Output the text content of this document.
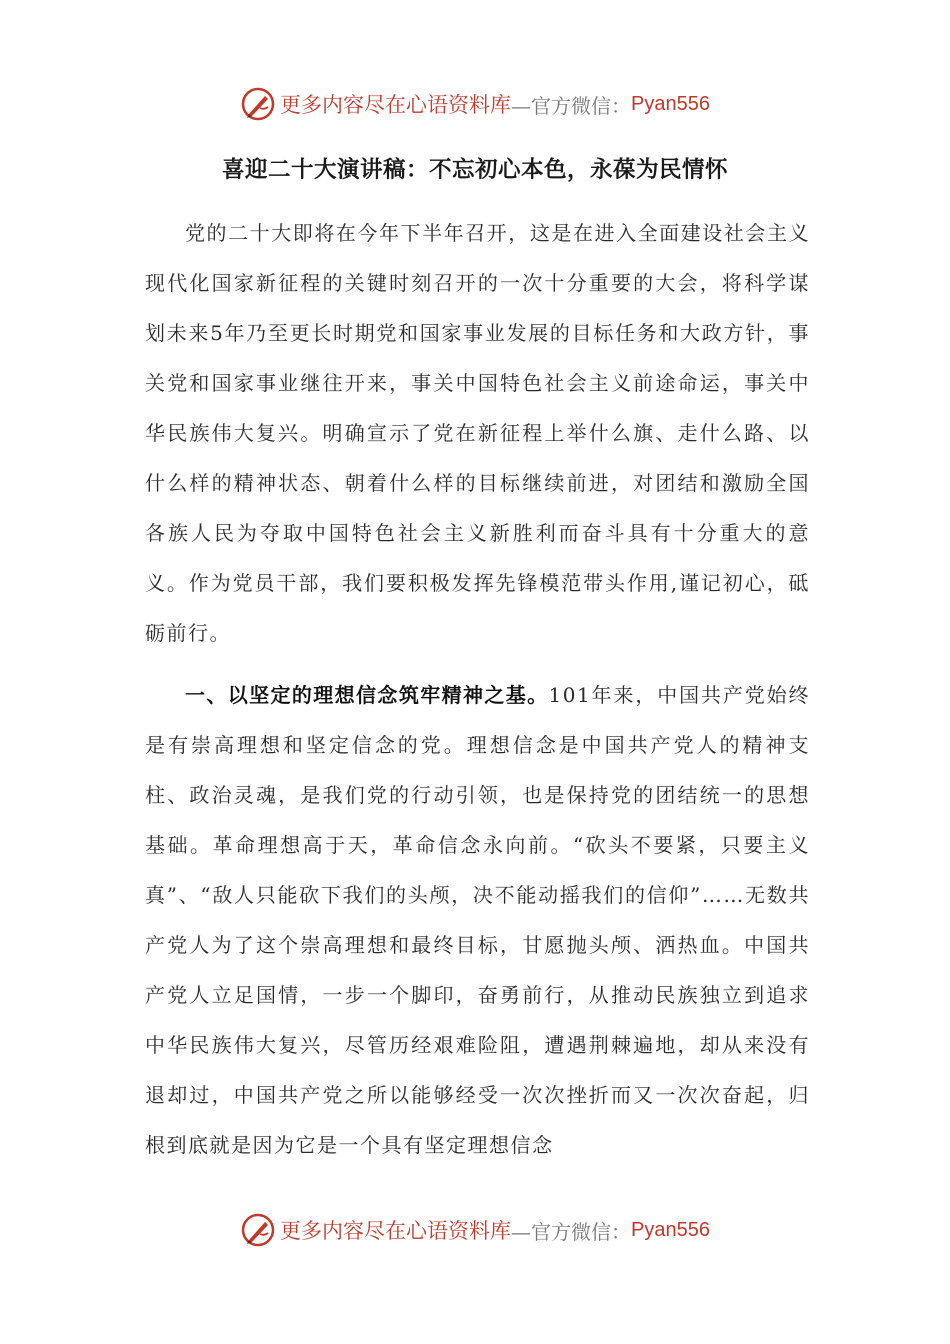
更多内容尽在心语资料库 —官方微信： Pyan556
喜迎二十大演讲稿：不忘初心本色，永葆为民情怀

党的二十大即将在今年下半年召开，这是在进入全面建设社会主义现代化国家新征程的关键时刻召开的一次十分重要的大会，将科学谋划未来5年乃至更长时期党和国家事业发展的目标任务和大政方针，事关党和国家事业继往开来，事关中国特色社会主义前途命运，事关中华民族伟大复兴。明确宣示了党在新征程上举什么旗、走什么路、以什么样的精神状态、朝着什么样的目标继续前进，对团结和激励全国各族人民为夺取中国特色社会主义新胜利而奋斗具有十分重大的意义。作为党员干部，我们要积极发挥先锋模范带头作用,谨记初心，砥砺前行。

一、以坚定的理想信念筑牢精神之基。101年来，中国共产党始终是有崇高理想和坚定信念的党。理想信念是中国共产党人的精神支柱、政治灵魂，是我们党的行动引领，也是保持党的团结统一的思想基础。革命理想高于天，革命信念永向前。“砍头不要紧，只要主义真”、“敌人只能砍下我们的头颅，决不能动摇我们的信仰”……无数共产党人为了这个崇高理想和最终目标，甘愿抛头颅、洒热血。中国共产党人立足国情，一步一个脚印，奋勇前行，从推动民族独立到追求中华民族伟大复兴，尽管历经艰难险阻，遭遇荆棘遍地，却从来没有退却过，中国共产党之所以能够经受一次次挫折而又一次次奋起，归根到底就是因为它是一个具有坚定理想信念

更多内容尽在心语资料库 —官方微信： Pyan556
